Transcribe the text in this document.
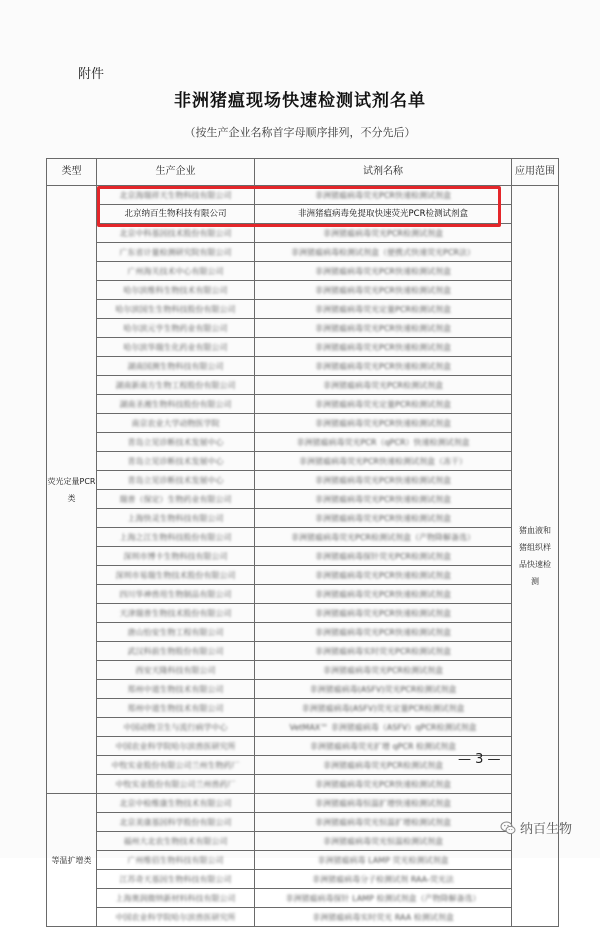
附件
非洲猪瘟现场快速检测试剂名单
（按生产企业名称首字母顺序排列，不分先后）
类型	生产企业	试剂名称	应用范围
荧光定量PCR类	北京海瑞祥天生物科技有限公司	非洲猪瘟病毒荧光PCR快速检测试剂盒	猪血液和猪组织样品快速检测
	北京纳百生物科技有限公司	非洲猪瘟病毒免提取快速荧光PCR检测试剂盒	
	北京中科基因技术股份有限公司	非洲猪瘟病毒荧光PCR检测试剂盒	
	广东省计量检测研究院有限公司	非洲猪瘟病毒检测试剂盒（便携式快速荧光PCR法）	
	广州海关技术中心有限公司	非洲猪瘟病毒荧光PCR快速检测试剂盒	
	哈尔滨维科生物技术有限公司	非洲猪瘟病毒荧光PCR快速检测试剂盒	
	哈尔滨国生生物科技股份有限公司	非洲猪瘟病毒荧光定量PCR检测试剂盒	
	哈尔滨元亨生物药业有限公司	非洲猪瘟病毒荧光PCR快速检测试剂盒	
	哈尔滨华瑞生化药业有限公司	非洲猪瘟病毒荧光PCR快速检测试剂盒	
	湖南国测生物科技有限公司	非洲猪瘟病毒荧光PCR快速检测试剂盒	
	湖南新南方生物工程股份有限公司	非洲猪瘟病毒荧光PCR检测试剂盒	
	湖南圣湘生物科技股份有限公司	非洲猪瘟病毒荧光定量PCR检测试剂盒	
	南京农业大学动物医学院	非洲猪瘟病毒荧光PCR快速检测试剂盒	
	青岛立见诊断技术发展中心	非洲猪瘟病毒荧光PCR（qPCR）快速检测试剂盒	
	青岛立见诊断技术发展中心	非洲猪瘟病毒荧光PCR快速检测试剂盒（冻干）	
	青岛立见诊断技术发展中心	非洲猪瘟病毒荧光PCR快速检测试剂盒	
	瑞普（保定）生物药业有限公司	非洲猪瘟病毒荧光PCR快速检测试剂盒	
	上海快灵生物科技有限公司	非洲猪瘟病毒荧光PCR快速检测试剂盒	
	上海之江生物科技股份有限公司	非洲猪瘟病毒荧光PCR检测试剂盒（产物降解备选）	
	深圳市博卡生物科技有限公司	非洲猪瘟病毒探针荧光PCR检测试剂盒	
	深圳市易瑞生物技术股份有限公司	非洲猪瘟病毒荧光PCR快速检测试剂盒	
	四川华神兽用生物制品有限公司	非洲猪瘟病毒荧光PCR快速检测试剂盒	
	天津瑞普生物技术股份有限公司	非洲猪瘟病毒荧光PCR快速检测试剂盒	
	唐山怡安生物工程有限公司	非洲猪瘟病毒荧光PCR快速检测试剂盒	
	武汉科前生物股份有限公司	非洲猪瘟病毒实时荧光PCR检测试剂盒	
	西安天隆科技有限公司	非洲猪瘟病毒荧光PCR检测试剂盒	
	郑州中道生物技术有限公司	非洲猪瘟病毒(ASFV)荧光PCR检测试剂盒	
	郑州中道生物技术有限公司	非洲猪瘟病毒(ASFV)荧光定量PCR检测试剂盒	
	中国动物卫生与流行病学中心	VetMAX™ 非洲猪瘟病毒（ASFV）qPCR检测试剂盒	
	中国农业科学院哈尔滨兽医研究所	非洲猪瘟病毒荧光扩增 qPCR 检测试剂盒	
	中牧实业股份有限公司兰州生物药厂	非洲猪瘟病毒荧光PCR检测试剂盒	
	中牧实业股份有限公司兰州兽药厂	非洲猪瘟病毒荧光PCR快速检测试剂盒	
等温扩增类	北京中检维康生物技术有限公司	非洲猪瘟病毒恒温扩增快速检测试剂盒	
	北京美康基因科学股份有限公司	非洲猪瘟病毒荧光恒温扩增检测试剂盒	
	福州大北农生物技术有限公司	非洲猪瘟病毒荧光恒温检测试剂盒	
	广州维佰生物科技有限公司	非洲猪瘟病毒 LAMP 荧光检测试剂盒	
	江苏奇天基因生物科技有限公司	非洲猪瘟病毒分子检测试剂 RAA-荧光法	
	上海奥润微纳新材料科技有限公司	非洲猪瘟病毒探针 LAMP 检测试剂盒（产物降解备选）	
	中国农业科学院哈尔滨兽医研究所	非洲猪瘟病毒实时荧光 RAA 检测试剂盒	
— 3 —
纳百生物
